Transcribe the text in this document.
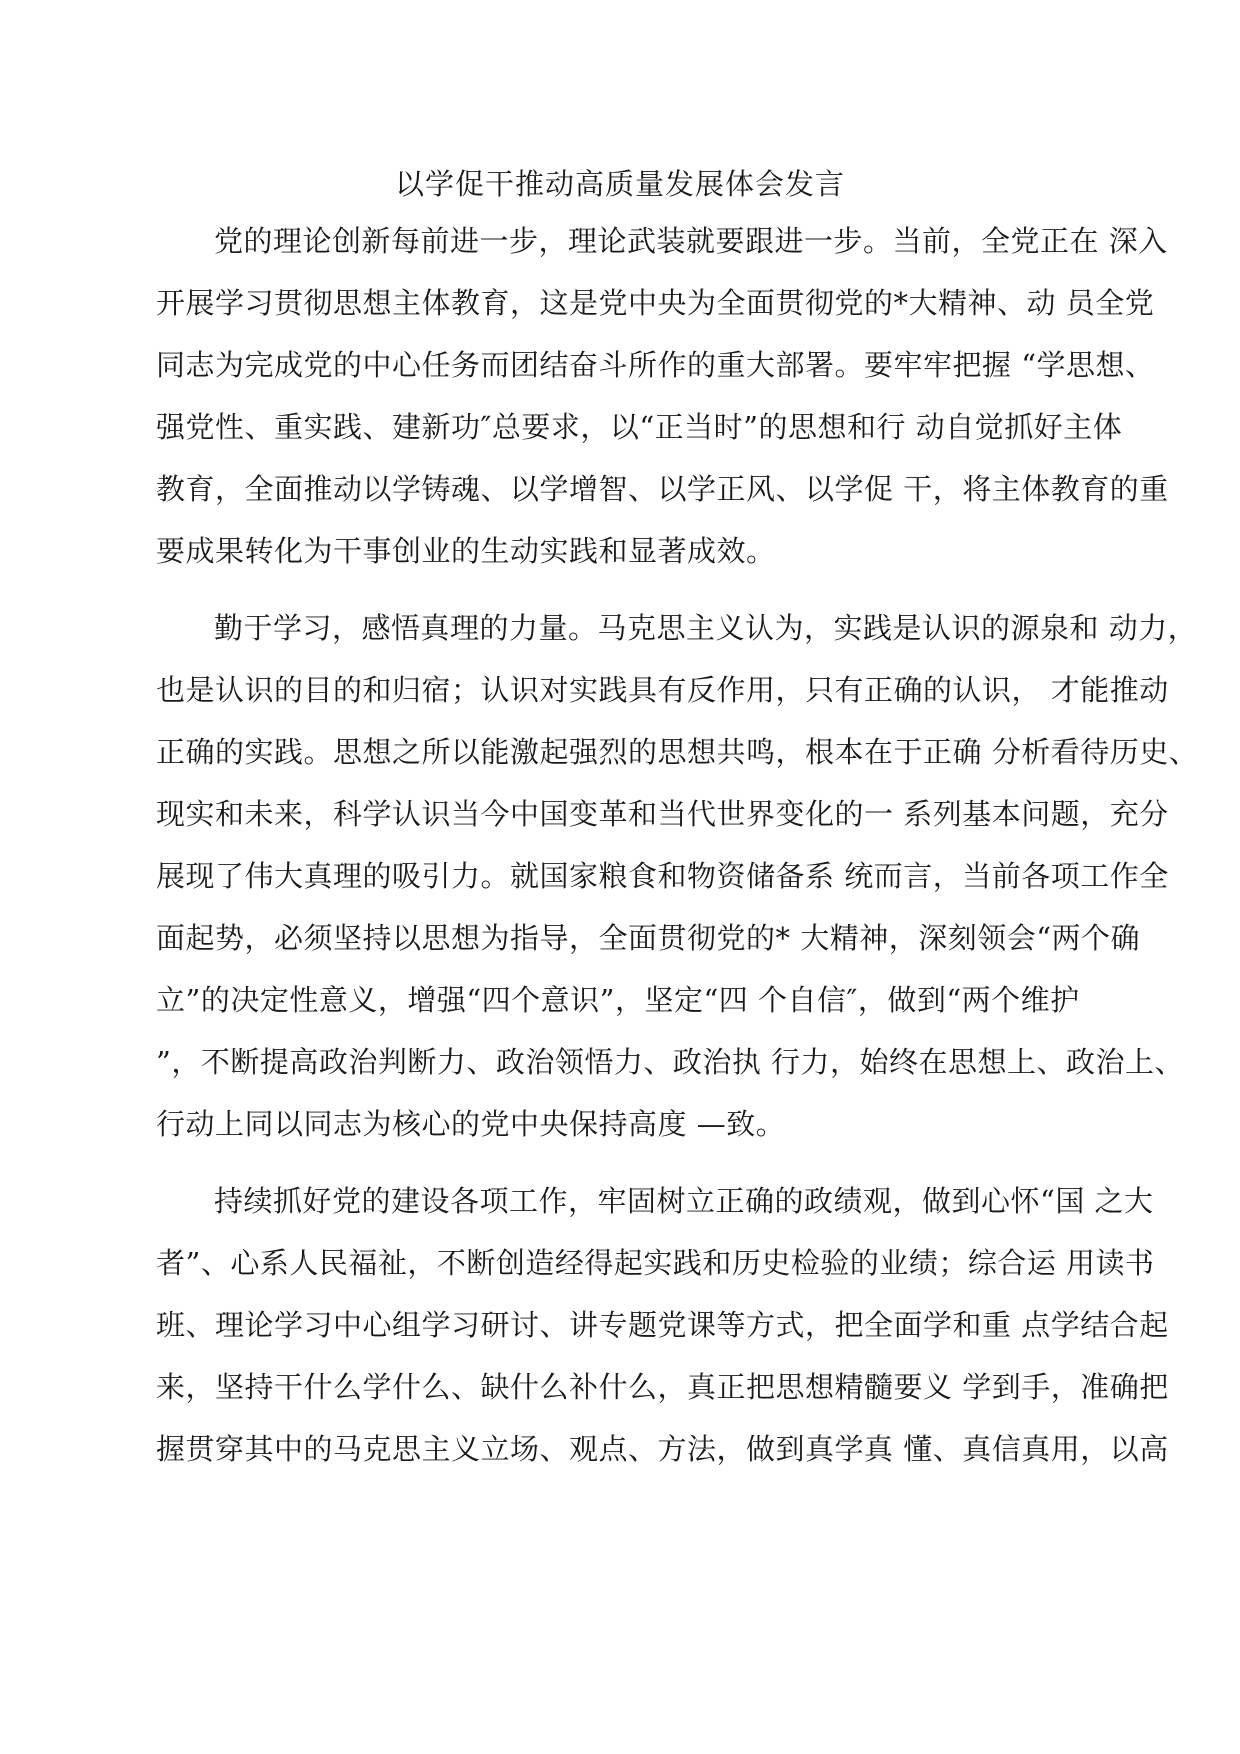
以学促干推动高质量发展体会发言
党的理论创新每前进一步，理论武装就要跟进一步。当前，全党正在 深入
开展学习贯彻思想主体教育，这是党中央为全面贯彻党的*大精神、动 员全党
同志为完成党的中心任务而团结奋斗所作的重大部署。要牢牢把握 “学思想、
强党性、重实践、建新功″总要求，以“正当时”的思想和行 动自觉抓好主体
教育，全面推动以学铸魂、以学增智、以学正风、以学促 干，将主体教育的重
要成果转化为干事创业的生动实践和显著成效。
勤于学习，感悟真理的力量。马克思主义认为，实践是认识的源泉和 动力，
也是认识的目的和归宿；认识对实践具有反作用，只有正确的认识， 才能推动
正确的实践。思想之所以能激起强烈的思想共鸣，根本在于正确 分析看待历史、
现实和未来，科学认识当今中国变革和当代世界变化的一 系列基本问题，充分
展现了伟大真理的吸引力。就国家粮食和物资储备系 统而言，当前各项工作全
面起势，必须坚持以思想为指导，全面贯彻党的* 大精神，深刻领会“两个确
立”的决定性意义，增强“四个意识”，坚定“四 个自信″，做到“两个维护
”，不断提高政治判断力、政治领悟力、政治执 行力，始终在思想上、政治上、
行动上同以同志为核心的党中央保持高度 —致。
持续抓好党的建设各项工作，牢固树立正确的政绩观，做到心怀“国 之大
者”、心系人民福祉，不断创造经得起实践和历史检验的业绩；综合运 用读书
班、理论学习中心组学习研讨、讲专题党课等方式，把全面学和重 点学结合起
来，坚持干什么学什么、缺什么补什么，真正把思想精髓要义 学到手，准确把
握贯穿其中的马克思主义立场、观点、方法，做到真学真 懂、真信真用，以高
